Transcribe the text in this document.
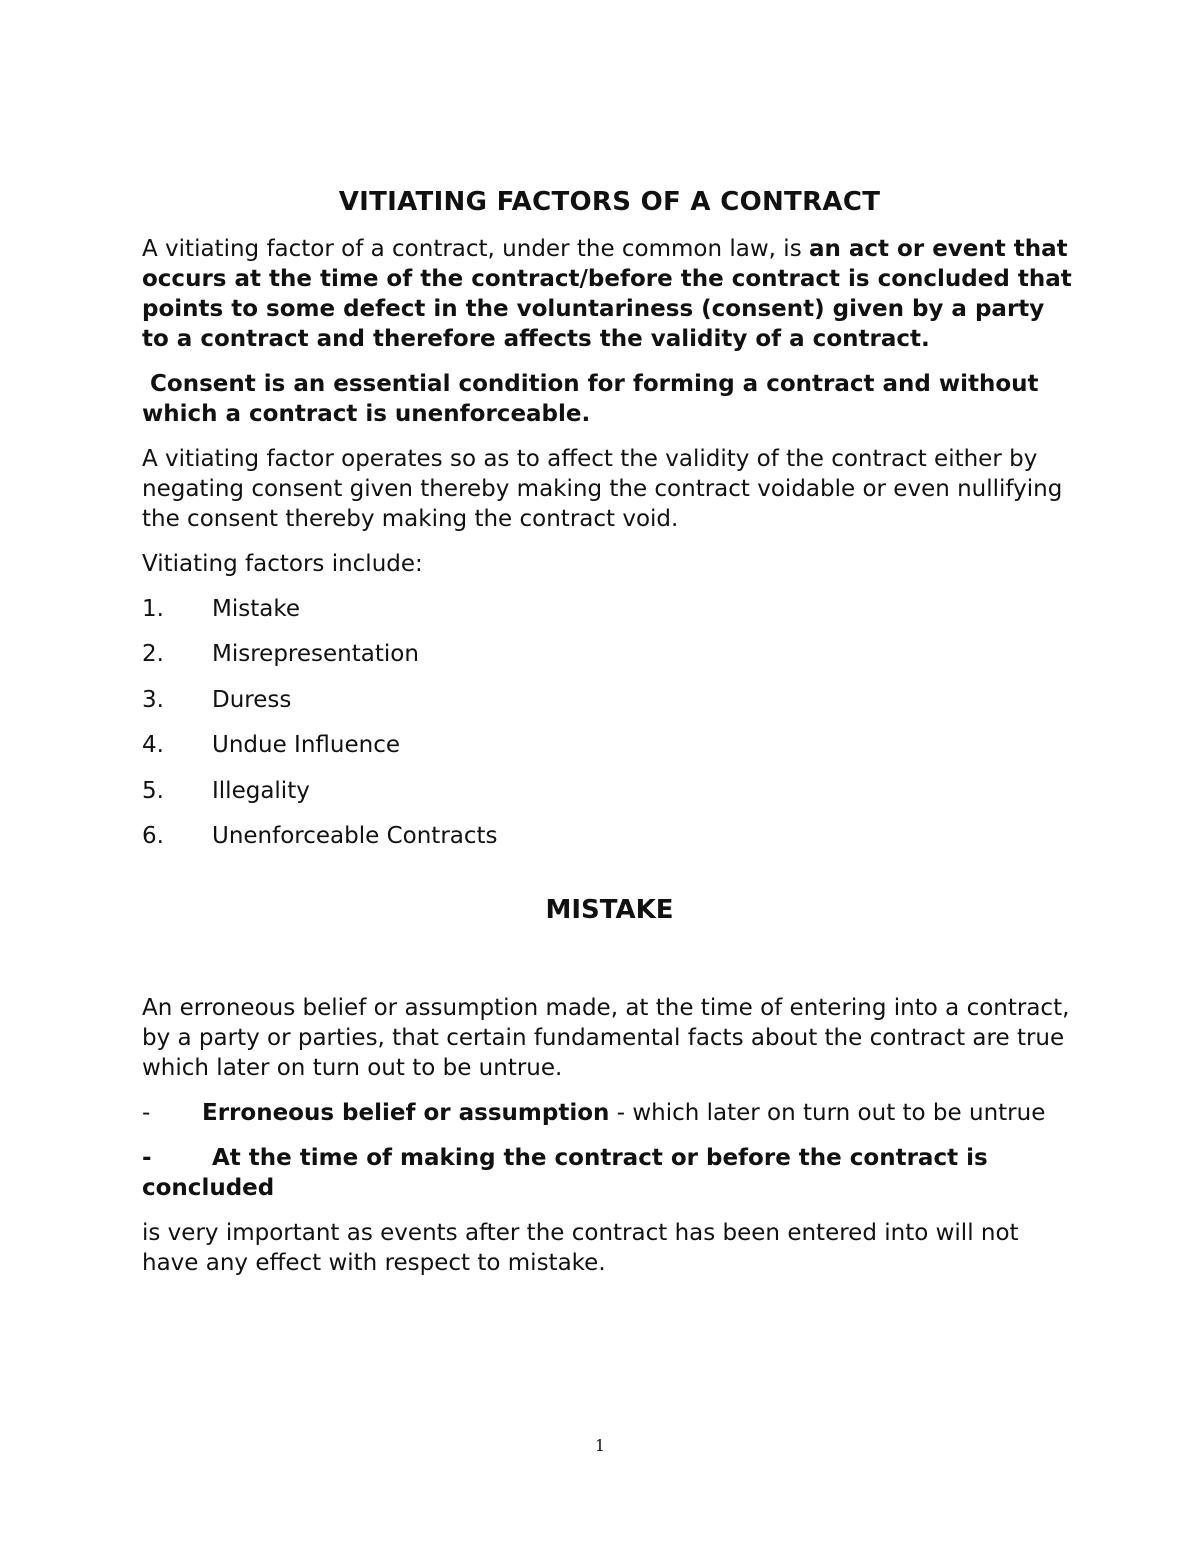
VITIATING FACTORS OF A CONTRACT

A vitiating factor of a contract, under the common law, is an act or event that occurs at the time of the contract/before the contract is concluded that points to some defect in the voluntariness (consent) given by a party to a contract and therefore affects the validity of a contract.

Consent is an essential condition for forming a contract and without which a contract is unenforceable.

A vitiating factor operates so as to affect the validity of the contract either by negating consent given thereby making the contract voidable or even nullifying the consent thereby making the contract void.

Vitiating factors include:

1.	Mistake
2.	Misrepresentation
3.	Duress
4.	Undue Influence
5.	Illegality
6.	Unenforceable Contracts
MISTAKE

An erroneous belief or assumption made, at the time of entering into a contract, by a party or parties, that certain fundamental facts about the contract are true which later on turn out to be untrue.

- Erroneous belief or assumption - which later on turn out to be untrue

-	At the time of making the contract or before the contract is concluded

is very important as events after the contract has been entered into will not have any effect with respect to mistake.

1
